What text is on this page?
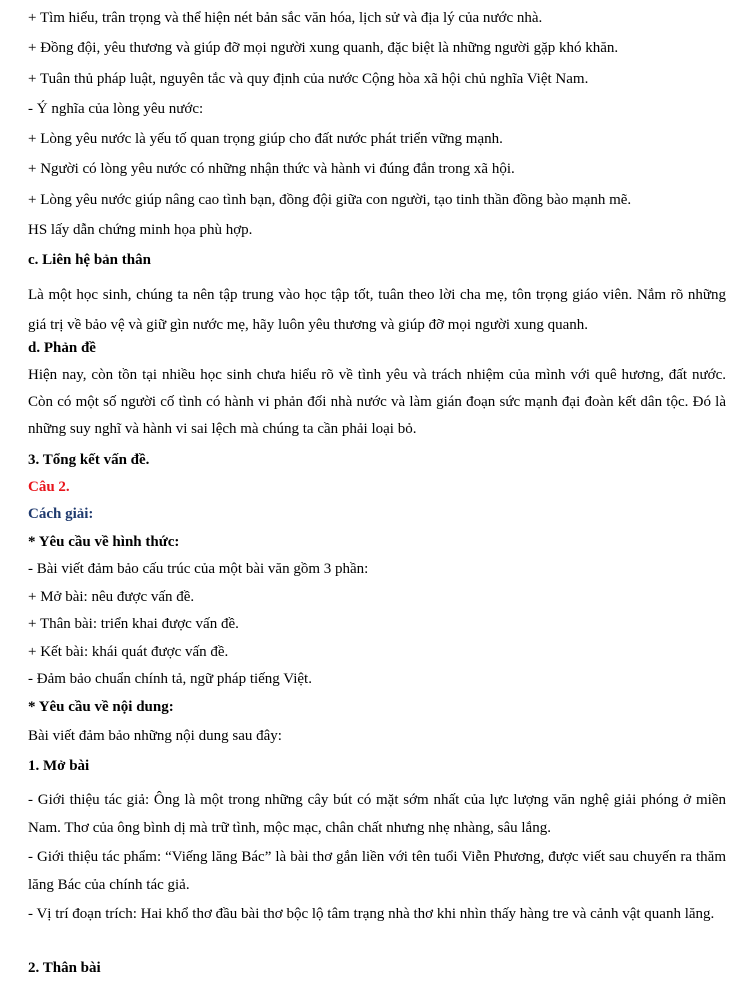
+ Tìm hiểu, trân trọng và thể hiện nét bản sắc văn hóa, lịch sử và địa lý của nước nhà.
+ Đồng đội, yêu thương và giúp đỡ mọi người xung quanh, đặc biệt là những người gặp khó khăn.
+ Tuân thủ pháp luật, nguyên tắc và quy định của nước Cộng hòa xã hội chủ nghĩa Việt Nam.
- Ý nghĩa của lòng yêu nước:
+ Lòng yêu nước là yếu tố quan trọng giúp cho đất nước phát triển vững mạnh.
+ Người có lòng yêu nước có những nhận thức và hành vi đúng đắn trong xã hội.
+ Lòng yêu nước giúp nâng cao tình bạn, đồng đội giữa con người, tạo tinh thần đồng bào mạnh mẽ.
HS lấy dẫn chứng minh họa phù hợp.
c. Liên hệ bản thân
Là một học sinh, chúng ta nên tập trung vào học tập tốt, tuân theo lời cha mẹ, tôn trọng giáo viên. Nắm rõ những giá trị về bảo vệ và giữ gìn nước mẹ, hãy luôn yêu thương và giúp đỡ mọi người xung quanh.
d. Phản đề
Hiện nay, còn tồn tại nhiều học sinh chưa hiểu rõ về tình yêu và trách nhiệm của mình với quê hương, đất nước. Còn có một số người cố tình có hành vi phản đối nhà nước và làm gián đoạn sức mạnh đại đoàn kết dân tộc. Đó là những suy nghĩ và hành vi sai lệch mà chúng ta cần phải loại bỏ.
3. Tổng kết vấn đề.
Câu 2.
Cách giải:
* Yêu cầu về hình thức:
- Bài viết đảm bảo cấu trúc của một bài văn gồm 3 phần:
+ Mở bài: nêu được vấn đề.
+ Thân bài: triển khai được vấn đề.
+ Kết bài: khái quát được vấn đề.
- Đảm bảo chuẩn chính tả, ngữ pháp tiếng Việt.
* Yêu cầu về nội dung:
Bài viết đảm bảo những nội dung sau đây:
1. Mở bài
- Giới thiệu tác giả: Ông là một trong những cây bút có mặt sớm nhất của lực lượng văn nghệ giải phóng ở miền Nam. Thơ của ông bình dị mà trữ tình, mộc mạc, chân chất nhưng nhẹ nhàng, sâu lắng.
- Giới thiệu tác phẩm: “Viếng lăng Bác” là bài thơ gắn liền với tên tuổi Viễn Phương, được viết sau chuyến ra thăm lăng Bác của chính tác giả.
- Vị trí đoạn trích: Hai khổ thơ đầu bài thơ bộc lộ tâm trạng nhà thơ khi nhìn thấy hàng tre và cảnh vật quanh lăng.
2. Thân bài
